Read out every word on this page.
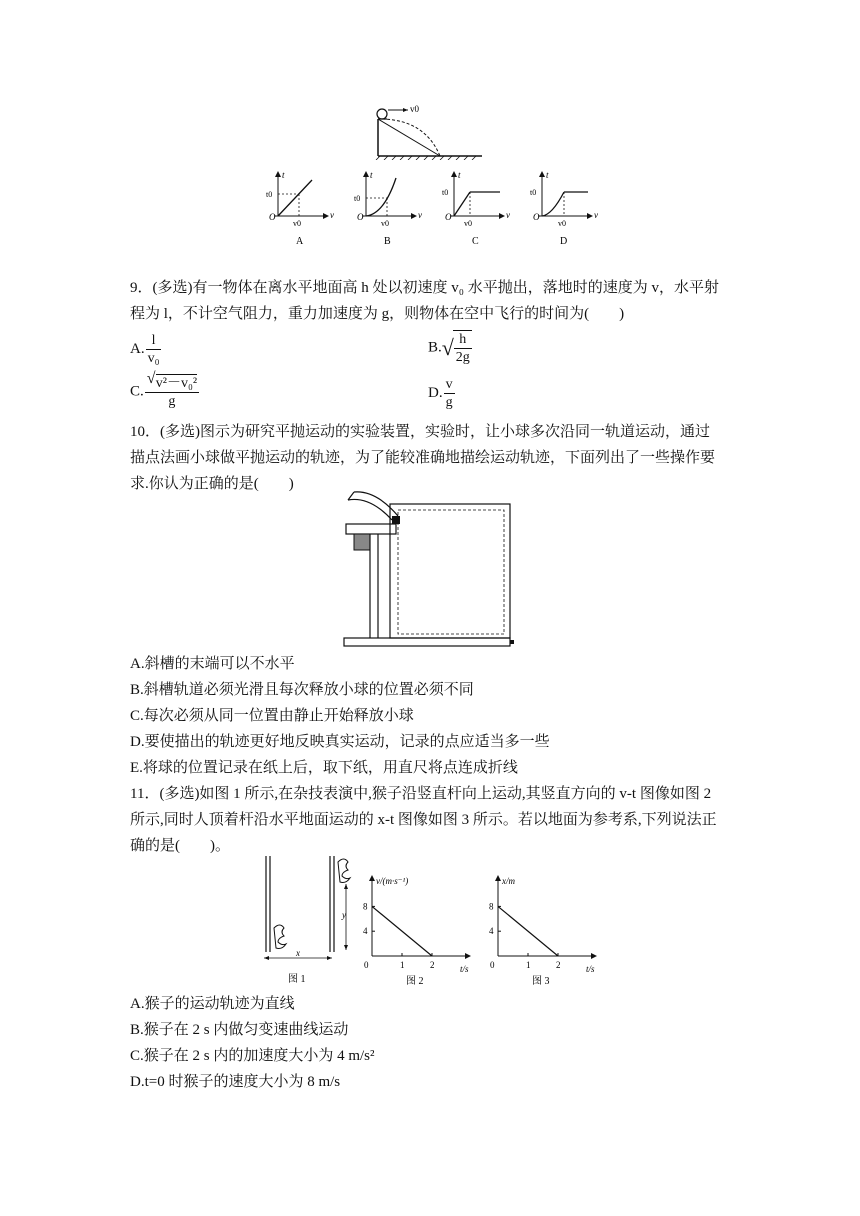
v0
t
t0
O
v0
v
A
t
t0
O
v0
v
B
t
t0
O
v0
v
C
t
t0
O
v0
v
D
9．(多选)有一物体在离水平地面高 h 处以初速度 v₀ 水平抛出，落地时的速度为 v，水平射
程为 l，不计空气阻力，重力加速度为 g，则物体在空中飞行的时间为(　　)
A. $\frac{l}{\text{v₀}}$	B. √ $\frac{h}{2g}$
C. $\frac{\text{√ v²－v₀²}}{g}$	D. $\frac{v}{g}$
10．(多选)图示为研究平抛运动的实验装置，实验时，让小球多次沿同一轨道运动，通过
描点法画小球做平抛运动的轨迹，为了能较准确地描绘运动轨迹，下面列出了一些操作要
求.你认为正确的是(　　)
A.斜槽的末端可以不水平
B.斜槽轨道必须光滑且每次释放小球的位置必须不同
C.每次必须从同一位置由静止开始释放小球
D.要使描出的轨迹更好地反映真实运动，记录的点应适当多一些
E.将球的位置记录在纸上后，取下纸，用直尺将点连成折线
11．(多选)如图 1 所示,在杂技表演中,猴子沿竖直杆向上运动,其竖直方向的 v-t 图像如图 2
所示,同时人顶着杆沿水平地面运动的 x-t 图像如图 3 所示。若以地面为参考系,下列说法正
确的是(　　)。
y
x
图 1
v/(m·s⁻¹)
t/s
8
4
0	1	2
图 2
x/m
t/s
8
4
0	1	2
图 3
A.猴子的运动轨迹为直线
B.猴子在 2 s 内做匀变速曲线运动
C.猴子在 2 s 内的加速度大小为 4 m/s²
D.t=0 时猴子的速度大小为 8 m/s
